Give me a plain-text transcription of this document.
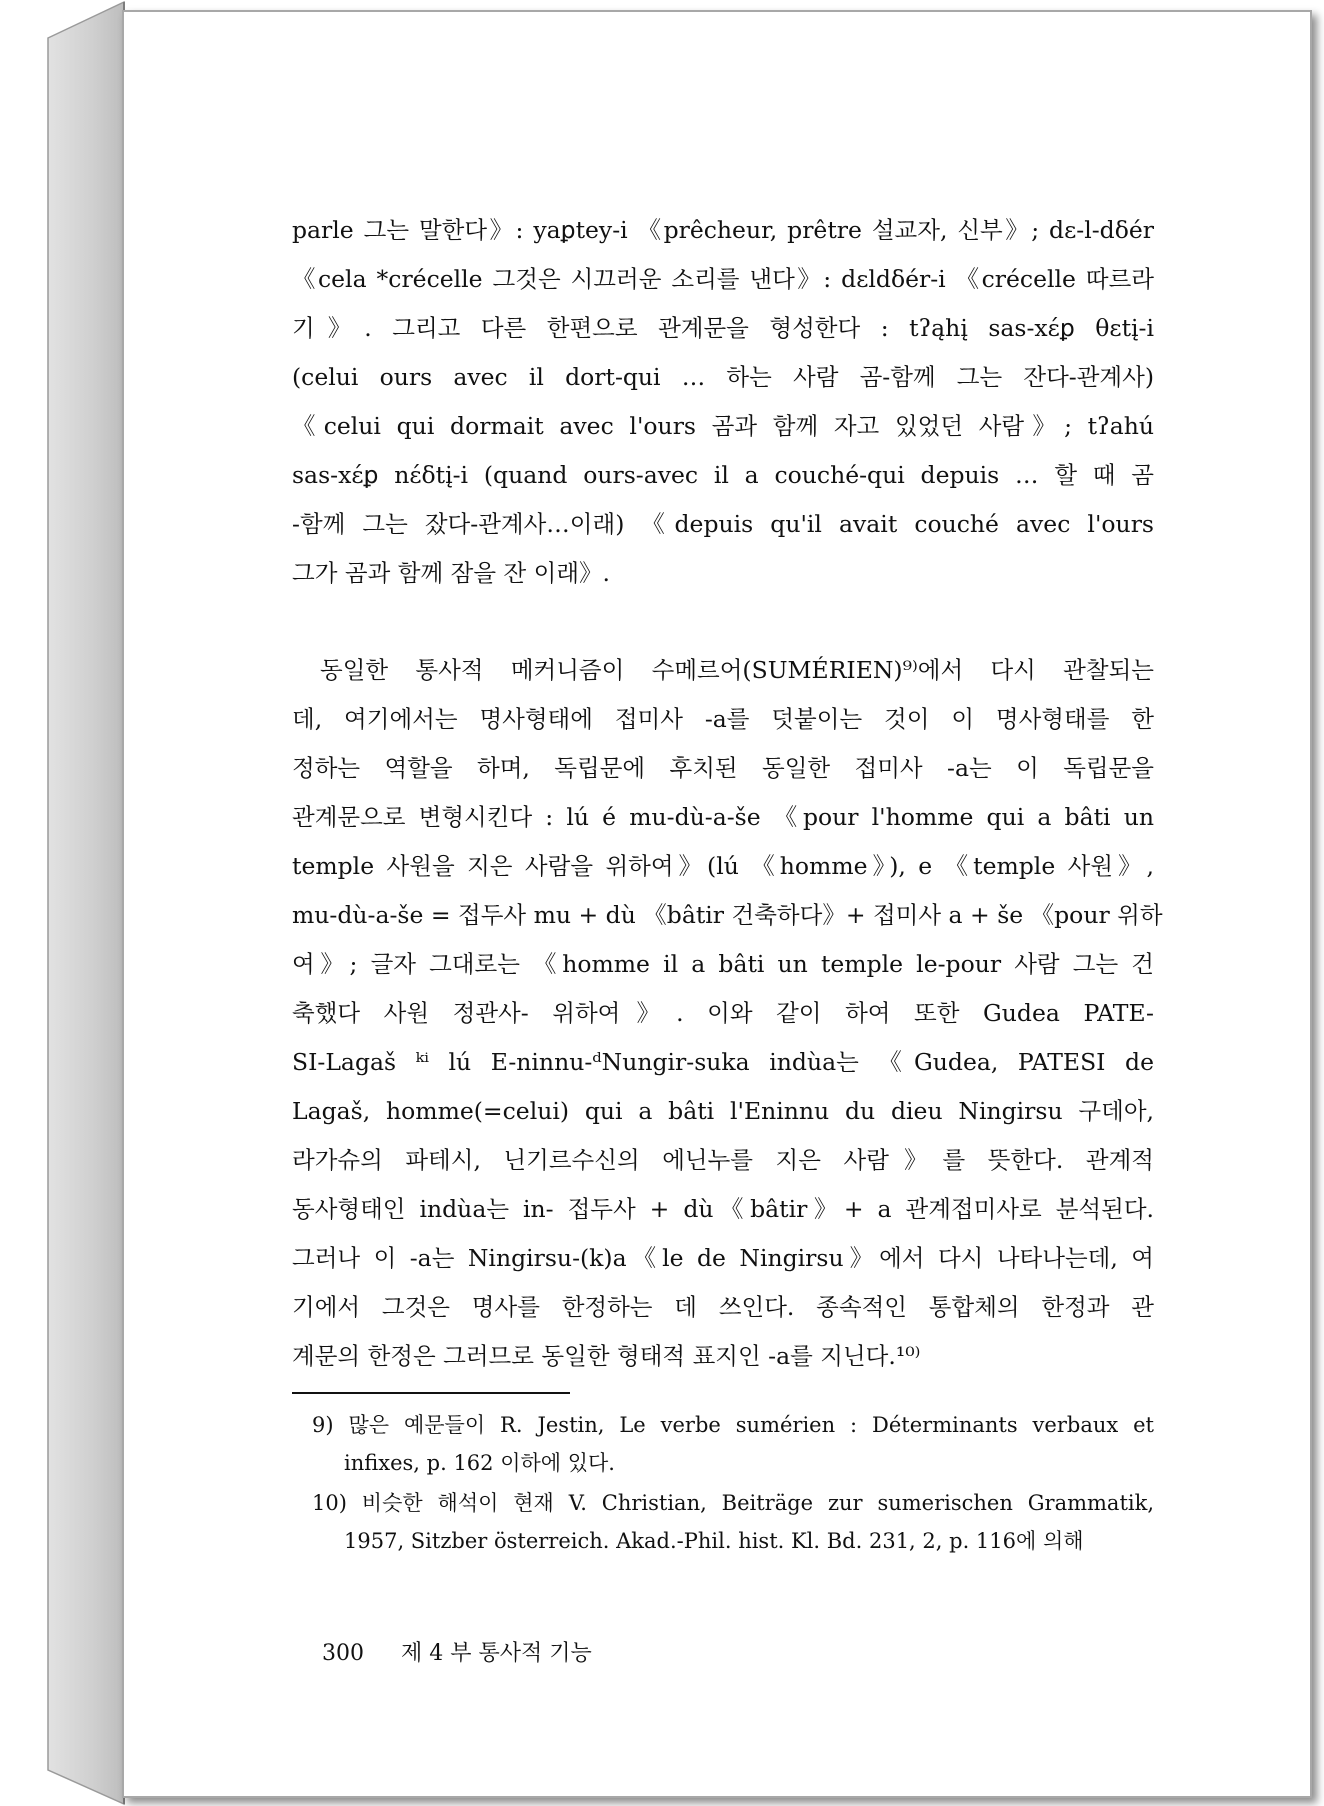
parle 그는 말한다》: yaꝑtey-i 《prêcheur, prêtre 설교자, 신부》; dɛ-l-dδér
《cela *crécelle 그것은 시끄러운 소리를 낸다》: dɛldδér-i 《crécelle 따르라
기》. 그리고 다른 한편으로 관계문을 형성한다 : tʔąhį sas-xέꝑ θɛtį-i
(celui ours avec il dort-qui … 하는 사람 곰-함께 그는 잔다-관계사)
《celui qui dormait avec l'ours 곰과 함께 자고 있었던 사람》; tʔahú
sas-xέꝑ nέδtį-i (quand ours-avec il a couché-qui depuis … 할 때 곰
-함께 그는 잤다-관계사…이래) 《depuis qu'il avait couché avec l'ours
그가 곰과 함께 잠을 잔 이래》.

동일한 통사적 메커니즘이 수메르어(SUMÉRIEN)⁹⁾에서 다시 관찰되는
데, 여기에서는 명사형태에 접미사 -a를 덧붙이는 것이 이 명사형태를 한
정하는 역할을 하며, 독립문에 후치된 동일한 접미사 -a는 이 독립문을
관계문으로 변형시킨다 : lú é mu-dù-a-še 《pour l'homme qui a bâti un
temple 사원을 지은 사람을 위하여》(lú 《homme》), e 《temple 사원》,
mu-dù-a-še = 접두사 mu + dù 《bâtir 건축하다》+ 접미사 a + še 《pour 위하
여》; 글자 그대로는 《homme il a bâti un temple le-pour 사람 그는 건
축했다 사원 정관사- 위하여》. 이와 같이 하여 또한 Gudea PATE-
SI-Lagaš ᵏⁱ lú E-ninnu-ᵈNungir-suka indùa는 《Gudea, PATESI de
Lagaš, homme(=celui) qui a bâti l'Eninnu du dieu Ningirsu 구데아,
라가슈의 파테시, 닌기르수신의 에닌누를 지은 사람》를 뜻한다. 관계적
동사형태인 indùa는 in- 접두사 + dù《bâtir》+ a 관계접미사로 분석된다.
그러나 이 -a는 Ningirsu-(k)a《le de Ningirsu》에서 다시 나타나는데, 여
기에서 그것은 명사를 한정하는 데 쓰인다. 종속적인 통합체의 한정과 관
계문의 한정은 그러므로 동일한 형태적 표지인 -a를 지닌다.¹⁰⁾

9) 많은 예문들이 R. Jestin, Le verbe sumérien : Déterminants verbaux et
infixes, p. 162 이하에 있다.

10) 비슷한 해석이 현재 V. Christian, Beiträge zur sumerischen Grammatik,
1957, Sitzber österreich. Akad.-Phil. hist. Kl. Bd. 231, 2, p. 116에 의해

300 제 4 부 통사적 기능
